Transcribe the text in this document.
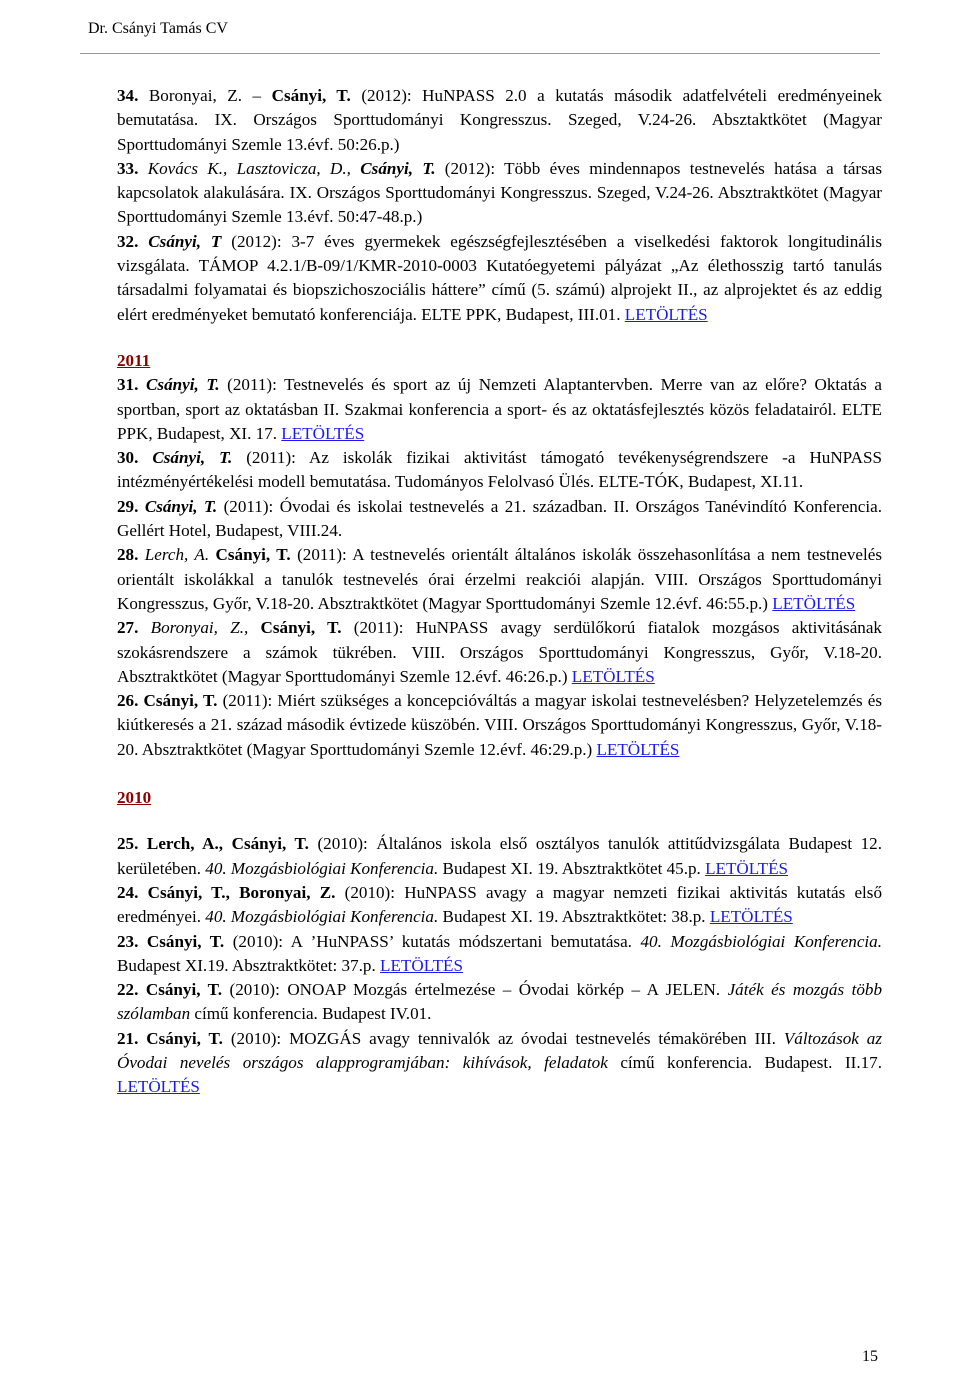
Dr. Csányi Tamás CV

34. Boronyai, Z. – Csányi, T. (2012): HuNPASS 2.0 a kutatás második adatfelvételi eredményeinek bemutatása. IX. Országos Sporttudományi Kongresszus. Szeged, V.24-26. Absztaktkötet (Magyar Sporttudományi Szemle 13.évf. 50:26.p.)

33. Kovács K., Lasztovicza, D., Csányi, T. (2012): Több éves mindennapos testnevelés hatása a társas kapcsolatok alakulására. IX. Országos Sporttudományi Kongresszus. Szeged, V.24-26. Absztraktkötet (Magyar Sporttudományi Szemle 13.évf. 50:47-48.p.)

32. Csányi, T (2012): 3-7 éves gyermekek egészségfejlesztésében a viselkedési faktorok longitudinális vizsgálata. TÁMOP 4.2.1/B-09/1/KMR-2010-0003 Kutatóegyetemi pályázat „Az élethosszig tartó tanulás társadalmi folyamatai és biopszichoszociális háttere” című (5. számú) alprojekt II., az alprojektet és az eddig elért eredményeket bemutató konferenciája. ELTE PPK, Budapest, III.01. LETÖLTÉS

2011

31. Csányi, T. (2011): Testnevelés és sport az új Nemzeti Alaptantervben. Merre van az előre? Oktatás a sportban, sport az oktatásban II. Szakmai konferencia a sport- és az oktatásfejlesztés közös feladatairól. ELTE PPK, Budapest, XI. 17. LETÖLTÉS

30. Csányi, T. (2011): Az iskolák fizikai aktivitást támogató tevékenységrendszere -a HuNPASS intézményértékelési modell bemutatása. Tudományos Felolvasó Ülés. ELTE-TÓK, Budapest, XI.11.

29. Csányi, T. (2011): Óvodai és iskolai testnevelés a 21. században. II. Országos Tanévindító Konferencia. Gellért Hotel, Budapest, VIII.24.

28. Lerch, A. Csányi, T. (2011): A testnevelés orientált általános iskolák összehasonlítása a nem testnevelés orientált iskolákkal a tanulók testnevelés órai érzelmi reakciói alapján. VIII. Országos Sporttudományi Kongresszus, Győr, V.18-20. Absztraktkötet (Magyar Sporttudományi Szemle 12.évf. 46:55.p.) LETÖLTÉS

27. Boronyai, Z., Csányi, T. (2011): HuNPASS avagy serdülőkorú fiatalok mozgásos aktivitásának szokásrendszere a számok tükrében. VIII. Országos Sporttudományi Kongresszus, Győr, V.18-20. Absztraktkötet (Magyar Sporttudományi Szemle 12.évf. 46:26.p.) LETÖLTÉS

26. Csányi, T. (2011): Miért szükséges a koncepcióváltás a magyar iskolai testnevelésben? Helyzetelemzés és kiútkeresés a 21. század második évtizede küszöbén. VIII. Országos Sporttudományi Kongresszus, Győr, V.18-20. Absztraktkötet (Magyar Sporttudományi Szemle 12.évf. 46:29.p.) LETÖLTÉS

2010

25. Lerch, A., Csányi, T. (2010): Általános iskola első osztályos tanulók attitűdvizsgálata Budapest 12. kerületében. 40. Mozgásbiológiai Konferencia. Budapest XI. 19. Absztraktkötet 45.p. LETÖLTÉS

24. Csányi, T., Boronyai, Z. (2010): HuNPASS avagy a magyar nemzeti fizikai aktivitás kutatás első eredményei. 40. Mozgásbiológiai Konferencia. Budapest XI. 19. Absztraktkötet: 38.p. LETÖLTÉS

23. Csányi, T. (2010): A ’HuNPASS’ kutatás módszertani bemutatása. 40. Mozgásbiológiai Konferencia. Budapest XI.19. Absztraktkötet: 37.p. LETÖLTÉS

22. Csányi, T. (2010): ONOAP Mozgás értelmezése – Óvodai körkép – A JELEN. Játék és mozgás több szólamban című konferencia. Budapest IV.01.

21. Csányi, T. (2010): MOZGÁS avagy tennivalók az óvodai testnevelés témakörében III. Változások az Óvodai nevelés országos alapprogramjában: kihívások, feladatok című konferencia. Budapest. II.17. LETÖLTÉS

15
